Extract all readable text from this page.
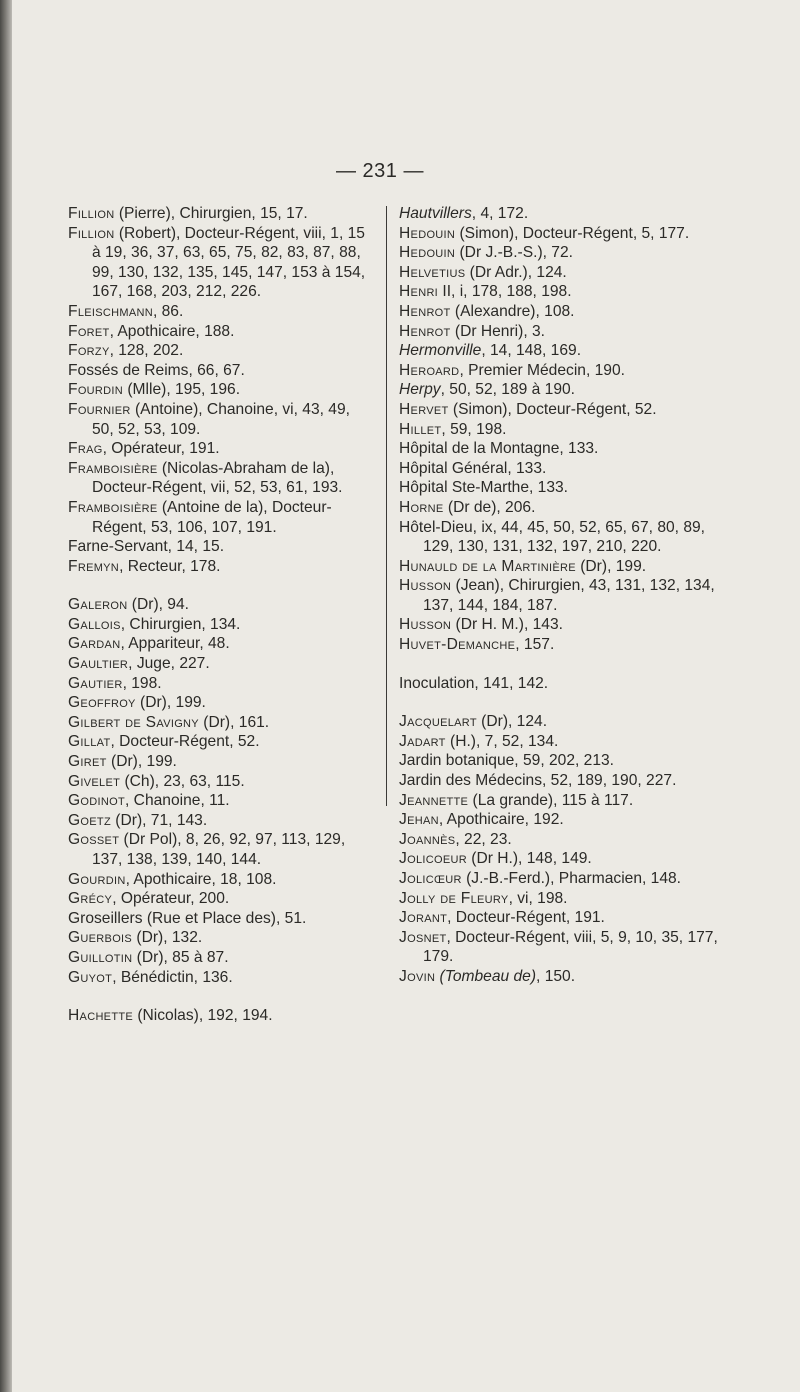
— 231 —

Fillion (Pierre), Chirurgien, 15, 17.

Fillion (Robert), Docteur-Régent, viii, 1, 15 à 19, 36, 37, 63, 65, 75, 82, 83, 87, 88, 99, 130, 132, 135, 145, 147, 153 à 154, 167, 168, 203, 212, 226.

Fleischmann, 86.

Foret, Apothicaire, 188.

Forzy, 128, 202.

Fossés de Reims, 66, 67.

Fourdin (Mlle), 195, 196.

Fournier (Antoine), Chanoine, vi, 43, 49, 50, 52, 53, 109.

Frag, Opérateur, 191.

Framboisière (Nicolas-Abraham de la), Docteur-Régent, vii, 52, 53, 61, 193.

Framboisière (Antoine de la), Docteur-Régent, 53, 106, 107, 191.

Farne-Servant, 14, 15.

Fremyn, Recteur, 178.

Galeron (Dr), 94.

Gallois, Chirurgien, 134.

Gardan, Appariteur, 48.

Gaultier, Juge, 227.

Gautier, 198.

Geoffroy (Dr), 199.

Gilbert de Savigny (Dr), 161.

Gillat, Docteur-Régent, 52.

Giret (Dr), 199.

Givelet (Ch), 23, 63, 115.

Godinot, Chanoine, 11.

Goetz (Dr), 71, 143.

Gosset (Dr Pol), 8, 26, 92, 97, 113, 129, 137, 138, 139, 140, 144.

Gourdin, Apothicaire, 18, 108.

Grécy, Opérateur, 200.

Groseillers (Rue et Place des), 51.

Guerbois (Dr), 132.

Guillotin (Dr), 85 à 87.

Guyot, Bénédictin, 136.

Hachette (Nicolas), 192, 194.

Hautvillers, 4, 172.

Hedouin (Simon), Docteur-Régent, 5, 177.

Hedouin (Dr J.-B.-S.), 72.

Helvetius (Dr Adr.), 124.

Henri II, i, 178, 188, 198.

Henrot (Alexandre), 108.

Henrot (Dr Henri), 3.

Hermonville, 14, 148, 169.

Heroard, Premier Médecin, 190.

Herpy, 50, 52, 189 à 190.

Hervet (Simon), Docteur-Régent, 52.

Hillet, 59, 198.

Hôpital de la Montagne, 133.

Hôpital Général, 133.

Hôpital Ste-Marthe, 133.

Horne (Dr de), 206.

Hôtel-Dieu, ix, 44, 45, 50, 52, 65, 67, 80, 89, 129, 130, 131, 132, 197, 210, 220.

Hunauld de la Martinière (Dr), 199.

Husson (Jean), Chirurgien, 43, 131, 132, 134, 137, 144, 184, 187.

Husson (Dr H. M.), 143.

Huvet-Demanche, 157.

Inoculation, 141, 142.

Jacquelart (Dr), 124.

Jadart (H.), 7, 52, 134.

Jardin botanique, 59, 202, 213.

Jardin des Médecins, 52, 189, 190, 227.

Jeannette (La grande), 115 à 117.

Jehan, Apothicaire, 192.

Joannès, 22, 23.

Jolicoeur (Dr H.), 148, 149.

Jolicœur (J.-B.-Ferd.), Pharmacien, 148.

Jolly de Fleury, vi, 198.

Jorant, Docteur-Régent, 191.

Josnet, Docteur-Régent, viii, 5, 9, 10, 35, 177, 179.

Jovin (Tombeau de), 150.
